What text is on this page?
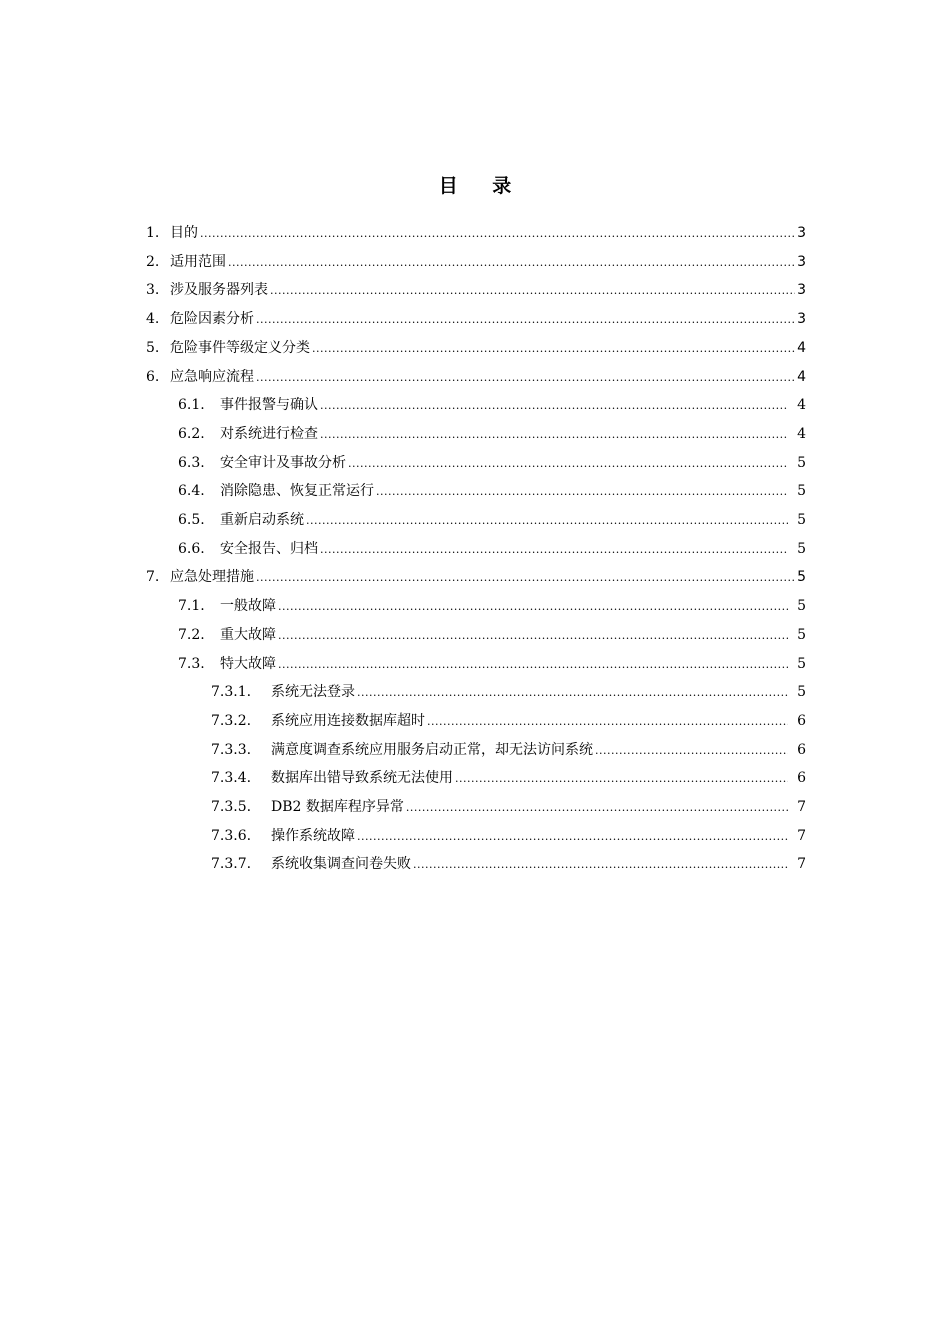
目 录
1. 目的 .....	3
2. 适用范围 .....	3
3. 涉及服务器列表 .....	3
4. 危险因素分析 .....	3
5. 危险事件等级定义分类 .....	4
6. 应急响应流程 .....	4
6.1.	事件报警与确认 .....	4
6.2.	对系统进行检查 .....	4
6.3.	安全审计及事故分析 .....	5
6.4.	消除隐患、恢复正常运行 .....	5
6.5.	重新启动系统 .....	5
6.6.	安全报告、归档 .....	5
7. 应急处理措施 .....	5
7.1.	一般故障 .....	5
7.2.	重大故障 .....	5
7.3.	特大故障 .....	5
7.3.1.	系统无法登录 .....	5
7.3.2.	系统应用连接数据库超时 .....	6
7.3.3.	满意度调查系统应用服务启动正常，却无法访问系统 .....	6
7.3.4.	数据库出错导致系统无法使用 .....	6
7.3.5.	DB2 数据库程序异常 .....	7
7.3.6.	操作系统故障 .....	7
7.3.7.	系统收集调查问卷失败 .....	7
